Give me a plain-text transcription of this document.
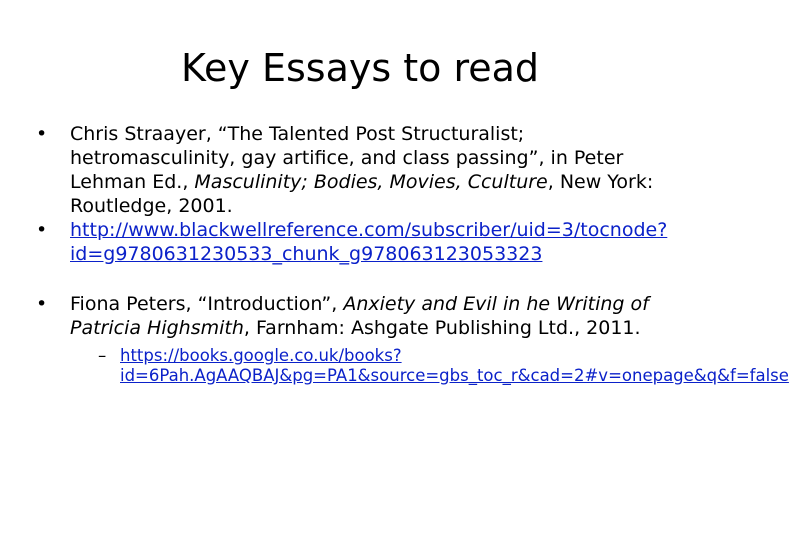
Key Essays to read
•	Chris Straayer, “The Talented Post Structuralist; hetromasculinity, gay artifice, and class passing”, in Peter Lehman Ed., Masculinity; Bodies, Movies, Cculture, New York: Routledge, 2001.
•	http://www.blackwellreference.com/subscriber/uid=3/tocnode?id=g9780631230533_chunk_g978063123053323
•	Fiona Peters, “Introduction”, Anxiety and Evil in he Writing of Patricia Highsmith, Farnham: Ashgate Publishing Ltd., 2011.
– https://books.google.co.uk/books?id=6Pah.AgAAQBAJ&pg=PA1&source=gbs_toc_r&cad=2#v=onepage&q&f=false
